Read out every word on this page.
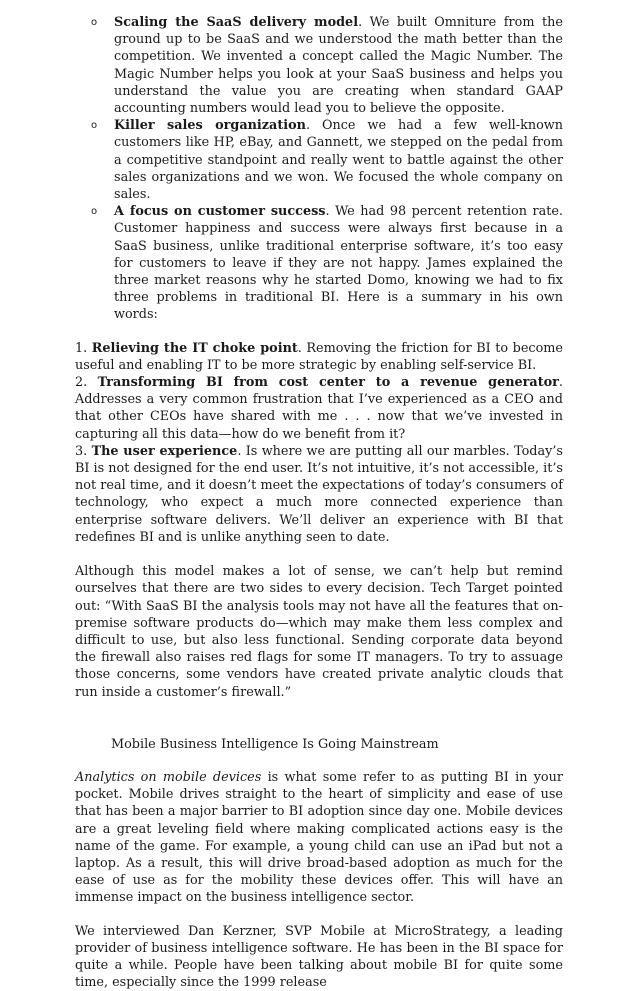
o Scaling the SaaS delivery model. We built Omniture from the ground up to be SaaS and we understood the math better than the competition. We invented a concept called the Magic Number. The Magic Number helps you look at your SaaS business and helps you understand the value you are creating when standard GAAP accounting numbers would lead you to believe the opposite.
o Killer sales organization. Once we had a few well-known customers like HP, eBay, and Gannett, we stepped on the pedal from a competitive standpoint and really went to battle against the other sales organizations and we won. We focused the whole company on sales.
o A focus on customer success. We had 98 percent retention rate. Customer happiness and success were always first because in a SaaS business, unlike traditional enterprise software, it’s too easy for customers to leave if they are not happy. James explained the three market reasons why he started Domo, knowing we had to fix three problems in traditional BI. Here is a summary in his own words:

1. Relieving the IT choke point. Removing the friction for BI to become useful and enabling IT to be more strategic by enabling self-service BI.

2. Transforming BI from cost center to a revenue generator. Addresses a very common frustration that I’ve experienced as a CEO and that other CEOs have shared with me . . . now that we’ve invested in capturing all this data—how do we benefit from it?

3. The user experience. Is where we are putting all our marbles. Today’s BI is not designed for the end user. It’s not intuitive, it’s not accessible, it’s not real time, and it doesn’t meet the expectations of today’s consumers of technology, who expect a much more connected experience than enterprise software delivers. We’ll deliver an experience with BI that redefines BI and is unlike anything seen to date.

Although this model makes a lot of sense, we can’t help but remind ourselves that there are two sides to every decision. Tech Target pointed out: “With SaaS BI the analysis tools may not have all the features that on-premise software products do—which may make them less complex and difficult to use, but also less functional. Sending corporate data beyond the firewall also raises red flags for some IT managers. To try to assuage those concerns, some vendors have created private analytic clouds that run inside a customer’s firewall.”

Mobile Business Intelligence Is Going Mainstream

Analytics on mobile devices is what some refer to as putting BI in your pocket. Mobile drives straight to the heart of simplicity and ease of use that has been a major barrier to BI adoption since day one. Mobile devices are a great leveling field where making complicated actions easy is the name of the game. For example, a young child can use an iPad but not a laptop. As a result, this will drive broad-based adoption as much for the ease of use as for the mobility these devices offer. This will have an immense impact on the business intelligence sector.

We interviewed Dan Kerzner, SVP Mobile at MicroStrategy, a leading provider of business intelligence software. He has been in the BI space for quite a while. People have been talking about mobile BI for quite some time, especially since the 1999 release
